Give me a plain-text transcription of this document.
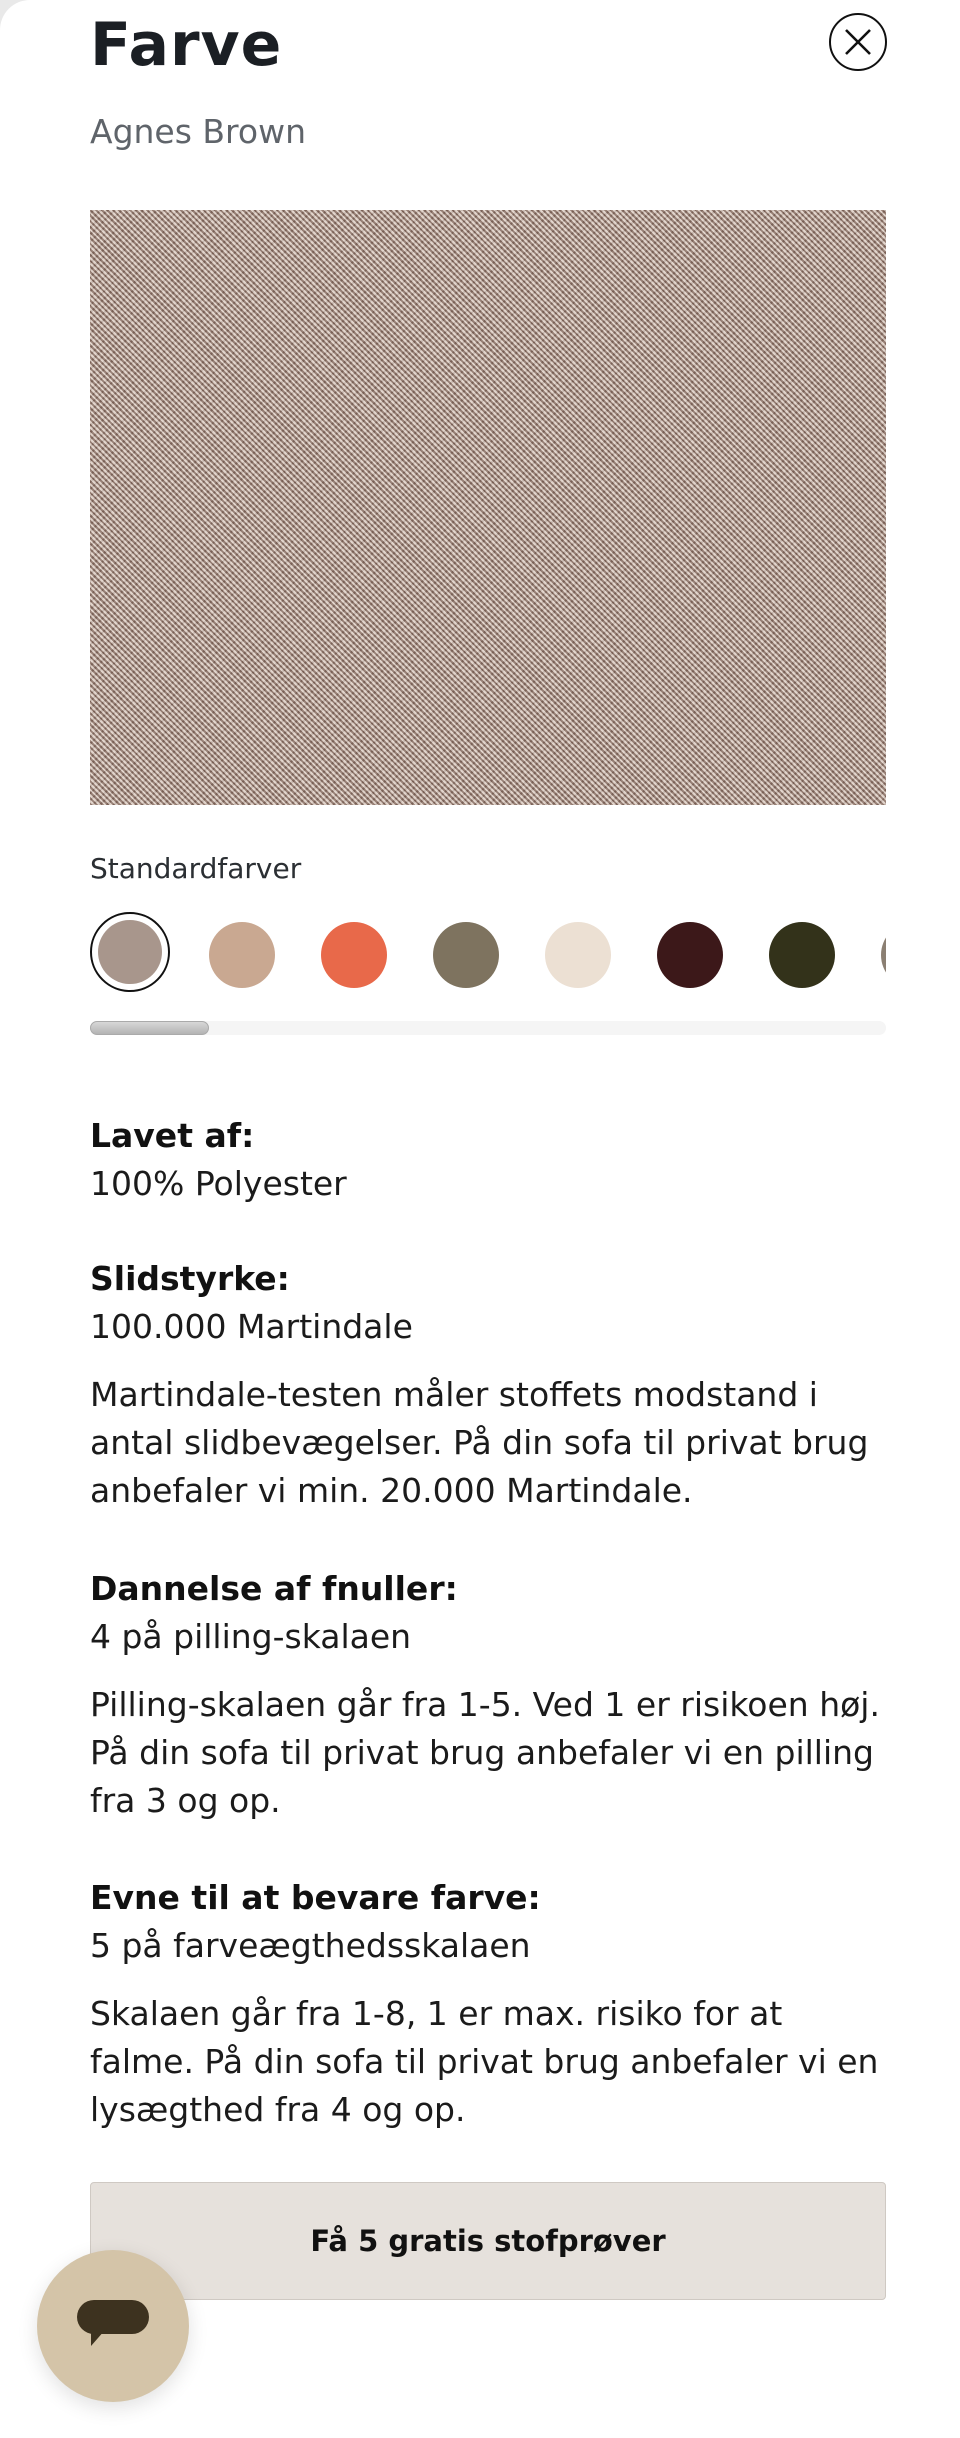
Farve
Agnes Brown
Standardfarver
Lavet af:
100% Polyester
Slidstyrke:
100.000 Martindale
Martindale-testen måler stoffets modstand i antal slidbevægelser. På din sofa til privat brug anbefaler vi min. 20.000 Martindale.
Dannelse af fnuller:
4 på pilling-skalaen
Pilling-skalaen går fra 1-5. Ved 1 er risikoen høj. På din sofa til privat brug anbefaler vi en pilling fra 3 og op.
Evne til at bevare farve:
5 på farveægthedsskalaen
Skalaen går fra 1-8, 1 er max. risiko for at falme. På din sofa til privat brug anbefaler vi en lysægthed fra 4 og op.
Få 5 gratis stofprøver
